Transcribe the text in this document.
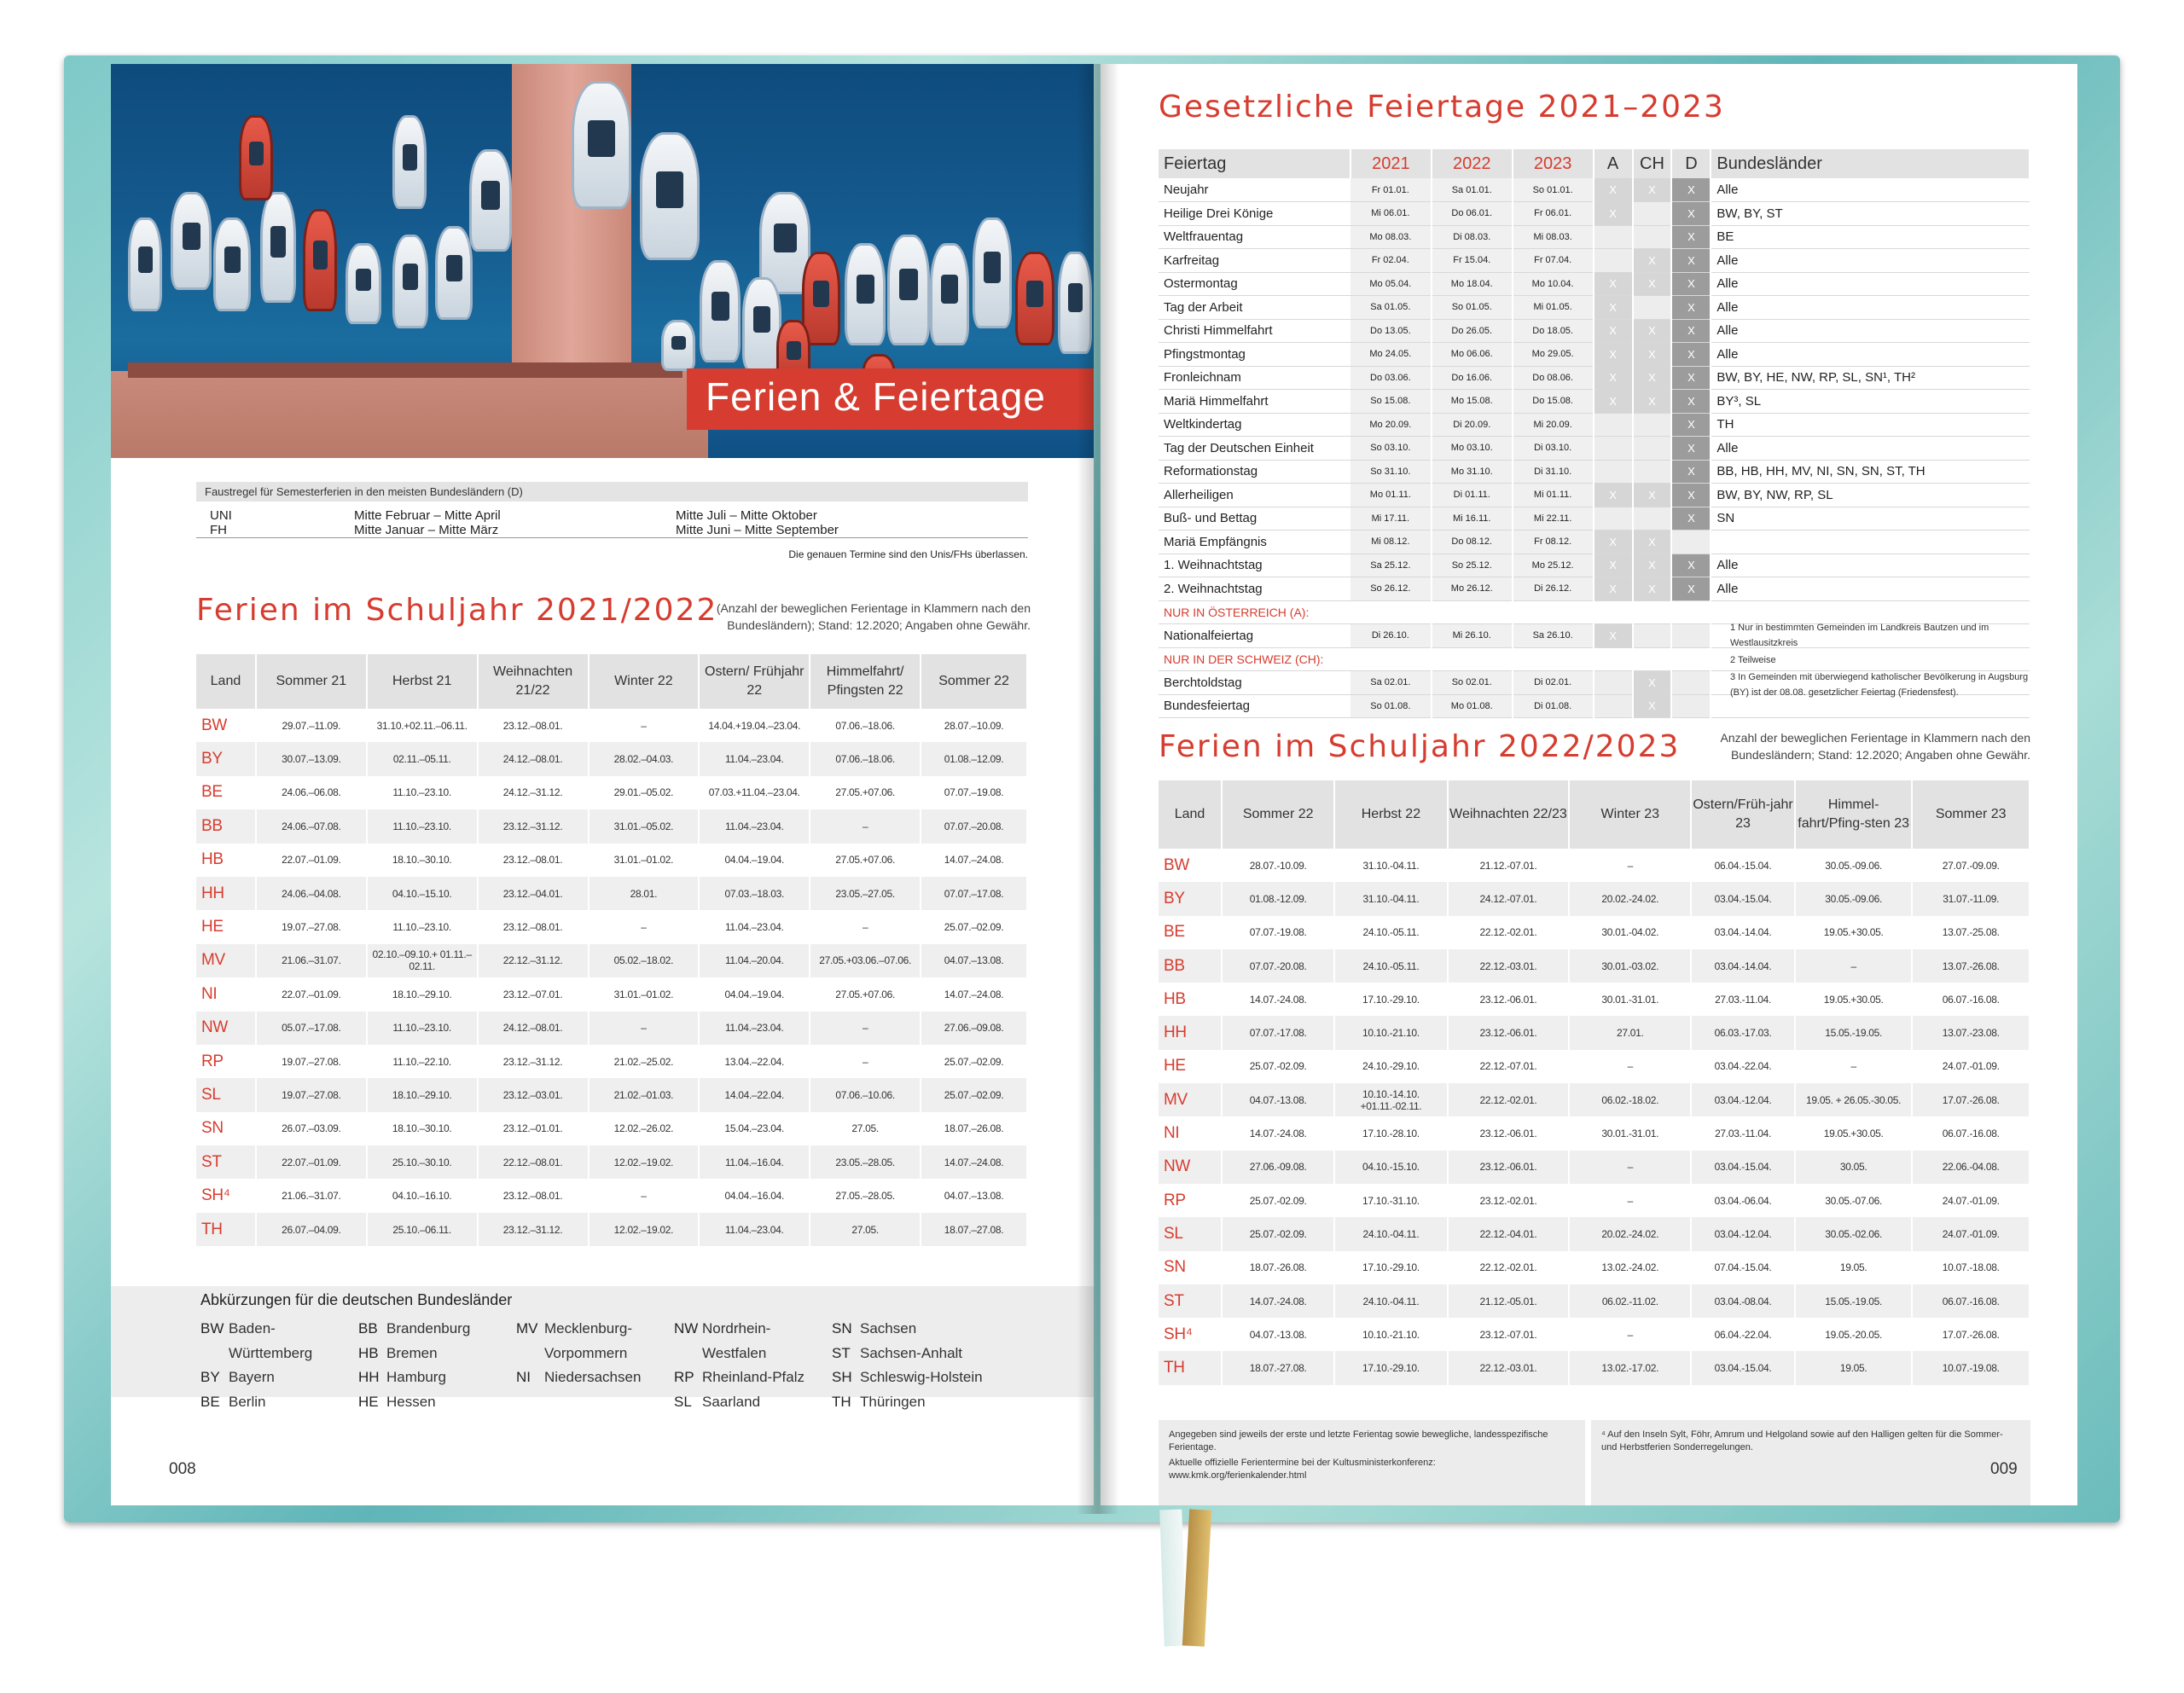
Ferien & Feiertage
Faustregel für Semesterferien in den meisten Bundesländern (D)
UNI	Mitte Februar – Mitte April	Mitte Juli – Mitte Oktober
FH	Mitte Januar – Mitte März	Mitte Juni – Mitte September
Die genauen Termine sind den Unis/FHs überlassen.
Ferien im Schuljahr 2021/2022
(Anzahl der beweglichen Ferientage in Klammern nach den Bundesländern); Stand: 12.2020; Angaben ohne Gewähr.
Land	Sommer 21	Herbst 21	Weihnachten 21/22	Winter 22	Ostern/ Frühjahr 22	Himmelfahrt/ Pfingsten 22	Sommer 22
BW	29.07.–11.09.	31.10.+02.11.–06.11.	23.12.–08.01.	–	14.04.+19.04.–23.04.	07.06.–18.06.	28.07.–10.09.
BY	30.07.–13.09.	02.11.–05.11.	24.12.–08.01.	28.02.–04.03.	11.04.–23.04.	07.06.–18.06.	01.08.–12.09.
BE	24.06.–06.08.	11.10.–23.10.	24.12.–31.12.	29.01.–05.02.	07.03.+11.04.–23.04.	27.05.+07.06.	07.07.–19.08.
BB	24.06.–07.08.	11.10.–23.10.	23.12.–31.12.	31.01.–05.02.	11.04.–23.04.	–	07.07.–20.08.
HB	22.07.–01.09.	18.10.–30.10.	23.12.–08.01.	31.01.–01.02.	04.04.–19.04.	27.05.+07.06.	14.07.–24.08.
HH	24.06.–04.08.	04.10.–15.10.	23.12.–04.01.	28.01.	07.03.–18.03.	23.05.–27.05.	07.07.–17.08.
HE	19.07.–27.08.	11.10.–23.10.	23.12.–08.01.	–	11.04.–23.04.	–	25.07.–02.09.
MV	21.06.–31.07.	02.10.–09.10.+ 01.11.–02.11.	22.12.–31.12.	05.02.–18.02.	11.04.–20.04.	27.05.+03.06.–07.06.	04.07.–13.08.
NI	22.07.–01.09.	18.10.–29.10.	23.12.–07.01.	31.01.–01.02.	04.04.–19.04.	27.05.+07.06.	14.07.–24.08.
NW	05.07.–17.08.	11.10.–23.10.	24.12.–08.01.	–	11.04.–23.04.	–	27.06.–09.08.
RP	19.07.–27.08.	11.10.–22.10.	23.12.–31.12.	21.02.–25.02.	13.04.–22.04.	–	25.07.–02.09.
SL	19.07.–27.08.	18.10.–29.10.	23.12.–03.01.	21.02.–01.03.	14.04.–22.04.	07.06.–10.06.	25.07.–02.09.
SN	26.07.–03.09.	18.10.–30.10.	23.12.–01.01.	12.02.–26.02.	15.04.–23.04.	27.05.	18.07.–26.08.
ST	22.07.–01.09.	25.10.–30.10.	22.12.–08.01.	12.02.–19.02.	11.04.–16.04.	23.05.–28.05.	14.07.–24.08.
SH⁴	21.06.–31.07.	04.10.–16.10.	23.12.–08.01.	–	04.04.–16.04.	27.05.–28.05.	04.07.–13.08.
TH	26.07.–04.09.	25.10.–06.11.	23.12.–31.12.	12.02.–19.02.	11.04.–23.04.	27.05.	18.07.–27.08.
Abkürzungen für die deutschen Bundesländer
BW Baden-
Württemberg
BY Bayern
BE Berlin
BB Brandenburg
HB Bremen
HH Hamburg
HE Hessen
MV Mecklenburg-
Vorpommern
NI Niedersachsen
NW Nordrhein-
Westfalen
RP Rheinland-Pfalz
SL Saarland
SN Sachsen
ST Sachsen-Anhalt
SH Schleswig-Holstein
TH Thüringen
008
Gesetzliche Feiertage 2021–2023
Feiertag	2021	2022	2023	A	CH	D	Bundesländer
Neujahr	Fr 01.01.	Sa 01.01.	So 01.01.	X	X	X	Alle
Heilige Drei Könige	Mi 06.01.	Do 06.01.	Fr 06.01.	X		X	BW, BY, ST
Weltfrauentag	Mo 08.03.	Di 08.03.	Mi 08.03.			X	BE
Karfreitag	Fr 02.04.	Fr 15.04.	Fr 07.04.		X	X	Alle
Ostermontag	Mo 05.04.	Mo 18.04.	Mo 10.04.	X	X	X	Alle
Tag der Arbeit	Sa 01.05.	So 01.05.	Mi 01.05.	X		X	Alle
Christi Himmelfahrt	Do 13.05.	Do 26.05.	Do 18.05.	X	X	X	Alle
Pfingstmontag	Mo 24.05.	Mo 06.06.	Mo 29.05.	X	X	X	Alle
Fronleichnam	Do 03.06.	Do 16.06.	Do 08.06.	X	X	X	BW, BY, HE, NW, RP, SL, SN¹, TH²
Mariä Himmelfahrt	So 15.08.	Mo 15.08.	Do 15.08.	X	X	X	BY³, SL
Weltkindertag	Mo 20.09.	Di 20.09.	Mi 20.09.			X	TH
Tag der Deutschen Einheit	So 03.10.	Mo 03.10.	Di 03.10.			X	Alle
Reformationstag	So 31.10.	Mo 31.10.	Di 31.10.			X	BB, HB, HH, MV, NI, SN, SN, ST, TH
Allerheiligen	Mo 01.11.	Di 01.11.	Mi 01.11.	X	X	X	BW, BY, NW, RP, SL
Buß- und Bettag	Mi 17.11.	Mi 16.11.	Mi 22.11.			X	SN
Mariä Empfängnis	Mi 08.12.	Do 08.12.	Fr 08.12.	X	X		
1. Weihnachtstag	Sa 25.12.	So 25.12.	Mo 25.12.	X	X	X	Alle
2. Weihnachtstag	So 26.12.	Mo 26.12.	Di 26.12.	X	X	X	Alle
NUR IN ÖSTERREICH (A):							
Nationalfeiertag	Di 26.10.	Mi 26.10.	Sa 26.10.	X			
NUR IN DER SCHWEIZ (CH):							
Berchtoldstag	Sa 02.01.	So 02.01.	Di 02.01.		X		
Bundesfeiertag	So 01.08.	Mo 01.08.	Di 01.08.		X		
1 Nur in bestimmten Gemeinden im Landkreis Bautzen und im Westlausitzkreis
2 Teilweise
3 In Gemeinden mit überwiegend katholischer Bevölkerung in Augsburg (BY) ist der 08.08. gesetzlicher Feiertag (Friedensfest).
Ferien im Schuljahr 2022/2023	Anzahl der beweglichen Ferientage in Klammern nach den Bundesländern; Stand: 12.2020; Angaben ohne Gewähr.
Land	Sommer 22	Herbst 22	Weihnachten 22/23	Winter 23	Ostern/Früh-jahr 23	Himmel-fahrt/Pfing-sten 23	Sommer 23
BW	28.07.-10.09.	31.10.-04.11.	21.12.-07.01.	–	06.04.-15.04.	30.05.-09.06.	27.07.-09.09.
BY	01.08.-12.09.	31.10.-04.11.	24.12.-07.01.	20.02.-24.02.	03.04.-15.04.	30.05.-09.06.	31.07.-11.09.
BE	07.07.-19.08.	24.10.-05.11.	22.12.-02.01.	30.01.-04.02.	03.04.-14.04.	19.05.+30.05.	13.07.-25.08.
BB	07.07.-20.08.	24.10.-05.11.	22.12.-03.01.	30.01.-03.02.	03.04.-14.04.	–	13.07.-26.08.
HB	14.07.-24.08.	17.10.-29.10.	23.12.-06.01.	30.01.-31.01.	27.03.-11.04.	19.05.+30.05.	06.07.-16.08.
HH	07.07.-17.08.	10.10.-21.10.	23.12.-06.01.	27.01.	06.03.-17.03.	15.05.-19.05.	13.07.-23.08.
HE	25.07.-02.09.	24.10.-29.10.	22.12.-07.01.	–	03.04.-22.04.	–	24.07.-01.09.
MV	04.07.-13.08.	10.10.-14.10. +01.11.-02.11.	22.12.-02.01.	06.02.-18.02.	03.04.-12.04.	19.05. + 26.05.-30.05.	17.07.-26.08.
NI	14.07.-24.08.	17.10.-28.10.	23.12.-06.01.	30.01.-31.01.	27.03.-11.04.	19.05.+30.05.	06.07.-16.08.
NW	27.06.-09.08.	04.10.-15.10.	23.12.-06.01.	–	03.04.-15.04.	30.05.	22.06.-04.08.
RP	25.07.-02.09.	17.10.-31.10.	23.12.-02.01.	–	03.04.-06.04.	30.05.-07.06.	24.07.-01.09.
SL	25.07.-02.09.	24.10.-04.11.	22.12.-04.01.	20.02.-24.02.	03.04.-12.04.	30.05.-02.06.	24.07.-01.09.
SN	18.07.-26.08.	17.10.-29.10.	22.12.-02.01.	13.02.-24.02.	07.04.-15.04.	19.05.	10.07.-18.08.
ST	14.07.-24.08.	24.10.-04.11.	21.12.-05.01.	06.02.-11.02.	03.04.-08.04.	15.05.-19.05.	06.07.-16.08.
SH⁴	04.07.-13.08.	10.10.-21.10.	23.12.-07.01.	–	06.04.-22.04.	19.05.-20.05.	17.07.-26.08.
TH	18.07.-27.08.	17.10.-29.10.	22.12.-03.01.	13.02.-17.02.	03.04.-15.04.	19.05.	10.07.-19.08.
Angegeben sind jeweils der erste und letzte Ferientag sowie bewegliche, landesspezifische Ferientage.
Aktuelle offizielle Ferientermine bei der Kultusministerkonferenz: www.kmk.org/ferienkalender.html
⁴ Auf den Inseln Sylt, Föhr, Amrum und Helgoland sowie auf den Halligen gelten für die Sommer- und Herbstferien Sonderregelungen.
009
